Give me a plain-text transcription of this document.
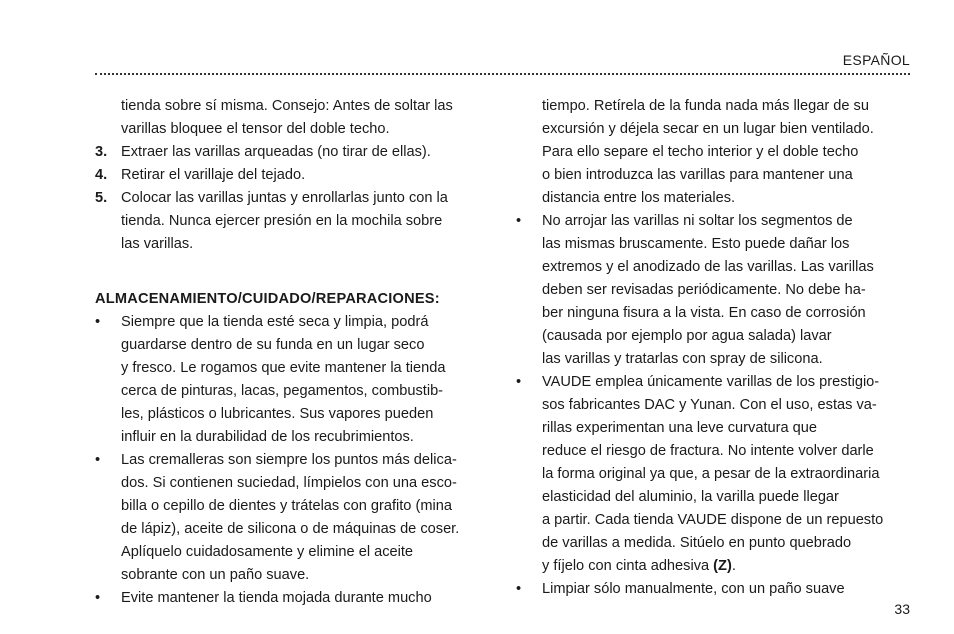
ESPAÑOL
tienda sobre sí misma. Consejo: Antes de soltar las
varillas bloquee el tensor del doble techo.
3. Extraer las varillas arqueadas (no tirar de ellas).
4. Retirar el varillaje del tejado.
5. Colocar las varillas juntas y enrollarlas junto con la
tienda. Nunca ejercer presión en la mochila sobre
las varillas.
ALMACENAMIENTO/CUIDADO/REPARACIONES:
• Siempre que la tienda esté seca y limpia, podrá
guardarse dentro de su funda en un lugar seco
y fresco. Le rogamos que evite mantener la tienda
cerca de pinturas, lacas, pegamentos, combustib-
les, plásticos o lubricantes. Sus vapores pueden
influir en la durabilidad de los recubrimientos.
• Las cremalleras son siempre los puntos más delica-
dos. Si contienen suciedad, límpielos con una esco-
billa o cepillo de dientes y trátelas con grafito (mina
de lápiz), aceite de silicona o de máquinas de coser.
Aplíquelo cuidadosamente y elimine el aceite
sobrante con un paño suave.
• Evite mantener la tienda mojada durante mucho
tiempo. Retírela de la funda nada más llegar de su
excursión y déjela secar en un lugar bien ventilado.
Para ello separe el techo interior y el doble techo
o bien introduzca las varillas para mantener una
distancia entre los materiales.
• No arrojar las varillas ni soltar los segmentos de
las mismas bruscamente. Esto puede dañar los
extremos y el anodizado de las varillas. Las varillas
deben ser revisadas periódicamente. No debe ha-
ber ninguna fisura a la vista. En caso de corrosión
(causada por ejemplo por agua salada) lavar
las varillas y tratarlas con spray de silicona.
• VAUDE emplea únicamente varillas de los prestigio-
sos fabricantes DAC y Yunan. Con el uso, estas va-
rillas experimentan una leve curvatura que
reduce el riesgo de fractura. No intente volver darle
la forma original ya que, a pesar de la extraordinaria
elasticidad del aluminio, la varilla puede llegar
a partir. Cada tienda VAUDE dispone de un repuesto
de varillas a medida. Sitúelo en punto quebrado
y fíjelo con cinta adhesiva (Z).
• Limpiar sólo manualmente, con un paño suave
33
